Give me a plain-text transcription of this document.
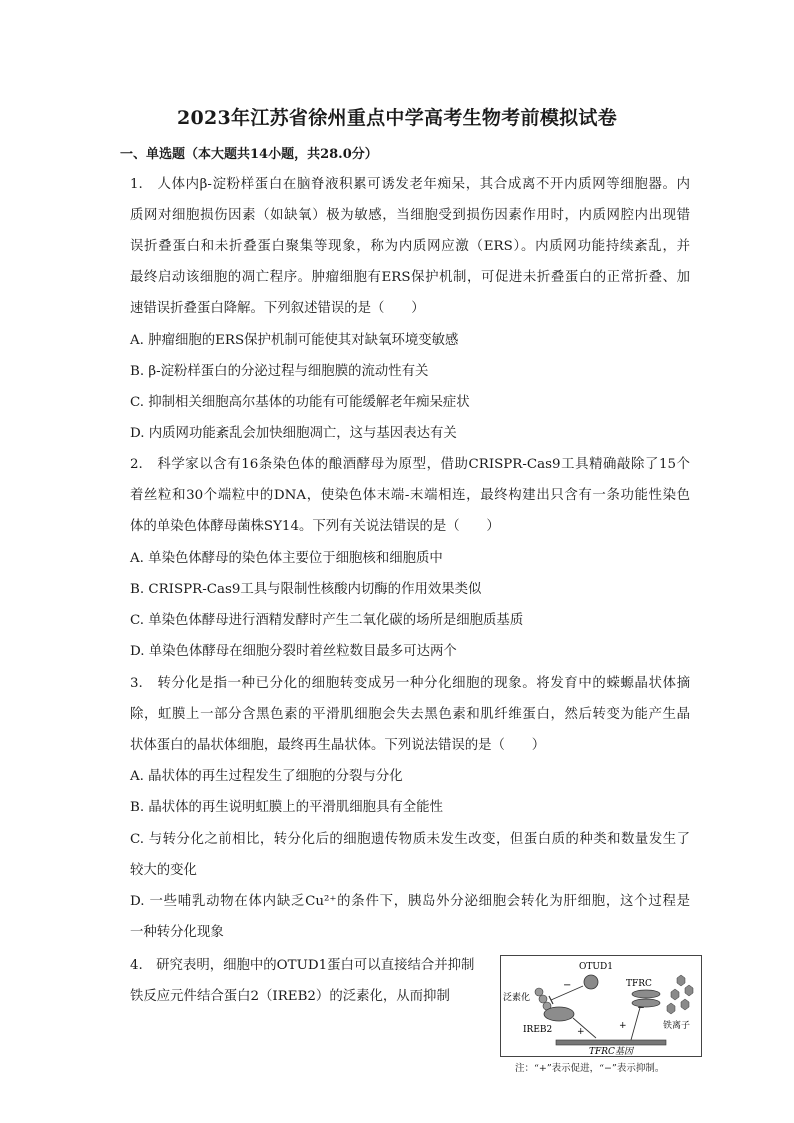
2023年江苏省徐州重点中学高考生物考前模拟试卷
一、单选题（本大题共14小题，共28.0分）
1.　人体内β-淀粉样蛋白在脑脊液积累可诱发老年痴呆，其合成离不开内质网等细胞器。内
质网对细胞损伤因素（如缺氧）极为敏感，当细胞受到损伤因素作用时，内质网腔内出现错
误折叠蛋白和未折叠蛋白聚集等现象，称为内质网应激（ERS）。内质网功能持续紊乱，并
最终启动该细胞的凋亡程序。肿瘤细胞有ERS保护机制，可促进未折叠蛋白的正常折叠、加
速错误折叠蛋白降解。下列叙述错误的是（　　）
A. 肿瘤细胞的ERS保护机制可能使其对缺氧环境变敏感
B. β-淀粉样蛋白的分泌过程与细胞膜的流动性有关
C. 抑制相关细胞高尔基体的功能有可能缓解老年痴呆症状
D. 内质网功能紊乱会加快细胞凋亡，这与基因表达有关
2.　科学家以含有16条染色体的酿酒酵母为原型，借助CRISPR-Cas9工具精确敲除了15个
着丝粒和30个端粒中的DNA，使染色体末端-末端相连，最终构建出只含有一条功能性染色
体的单染色体酵母菌株SY14。下列有关说法错误的是（　　）
A. 单染色体酵母的染色体主要位于细胞核和细胞质中
B. CRISPR-Cas9工具与限制性核酸内切酶的作用效果类似
C. 单染色体酵母进行酒精发酵时产生二氧化碳的场所是细胞质基质
D. 单染色体酵母在细胞分裂时着丝粒数目最多可达两个
3.　转分化是指一种已分化的细胞转变成另一种分化细胞的现象。将发育中的蝾螈晶状体摘
除，虹膜上一部分含黑色素的平滑肌细胞会失去黑色素和肌纤维蛋白，然后转变为能产生晶
状体蛋白的晶状体细胞，最终再生晶状体。下列说法错误的是（　　）
A. 晶状体的再生过程发生了细胞的分裂与分化
B. 晶状体的再生说明虹膜上的平滑肌细胞具有全能性
C. 与转分化之前相比，转分化后的细胞遗传物质未发生改变，但蛋白质的种类和数量发生了
较大的变化
D. 一些哺乳动物在体内缺乏Cu²⁺的条件下，胰岛外分泌细胞会转化为肝细胞，这个过程是
一种转分化现象
4.　研究表明，细胞中的OTUD1蛋白可以直接结合并抑制
铁反应元件结合蛋白2（IREB2）的泛素化，从而抑制
OTUD1
−
泛素化
IREB2	+
TFRC基因
+
TFRC
铁离子
注：“+”表示促进，“−”表示抑制。
